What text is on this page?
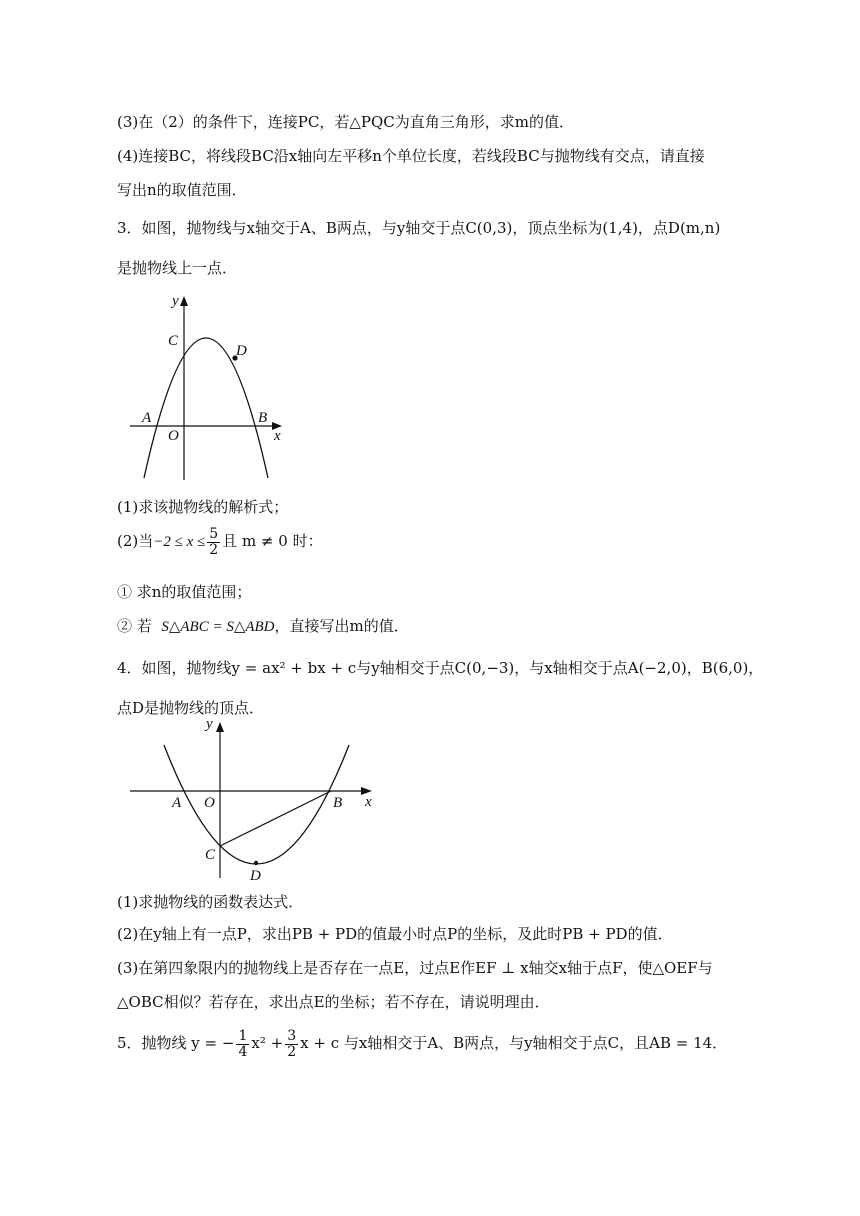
(3)在（2）的条件下，连接PC，若△PQC为直角三角形，求m的值．
(4)连接BC，将线段BC沿x轴向左平移n个单位长度，若线段BC与抛物线有交点，请直接
写出n的取值范围．
3．如图，抛物线与x轴交于A、B两点，与y轴交于点C(0,3)，顶点坐标为(1,4)，点D(m,n)
是抛物线上一点．
y
x
O
A	B
C
D
(1)求该抛物线的解析式；
(2)当$-2 \le x \le \frac{5}{2}$ 且 m ≠ 0 时：
① 求n的取值范围；
② 若 S△ABC = S△ABD，直接写出m的值．
4．如图，抛物线y = ax² + bx + c与y轴相交于点C(0,−3)，与x轴相交于点A(−2,0)，B(6,0)，
点D是抛物线的顶点．
y
x
O
A	B
C
D
(1)求抛物线的函数表达式．
(2)在y轴上有一点P，求出PB + PD的值最小时点P的坐标，及此时PB + PD的值．
(3)在第四象限内的抛物线上是否存在一点E，过点E作EF ⊥ x轴交x轴于点F，使△OEF与
△OBC相似？若存在，求出点E的坐标；若不存在，请说明理由．
5．抛物线 y = − $\frac{1}{4} x^2 + \frac{3}{2}$ x + c 与x轴相交于A、B两点，与y轴相交于点C，且AB = 14．
